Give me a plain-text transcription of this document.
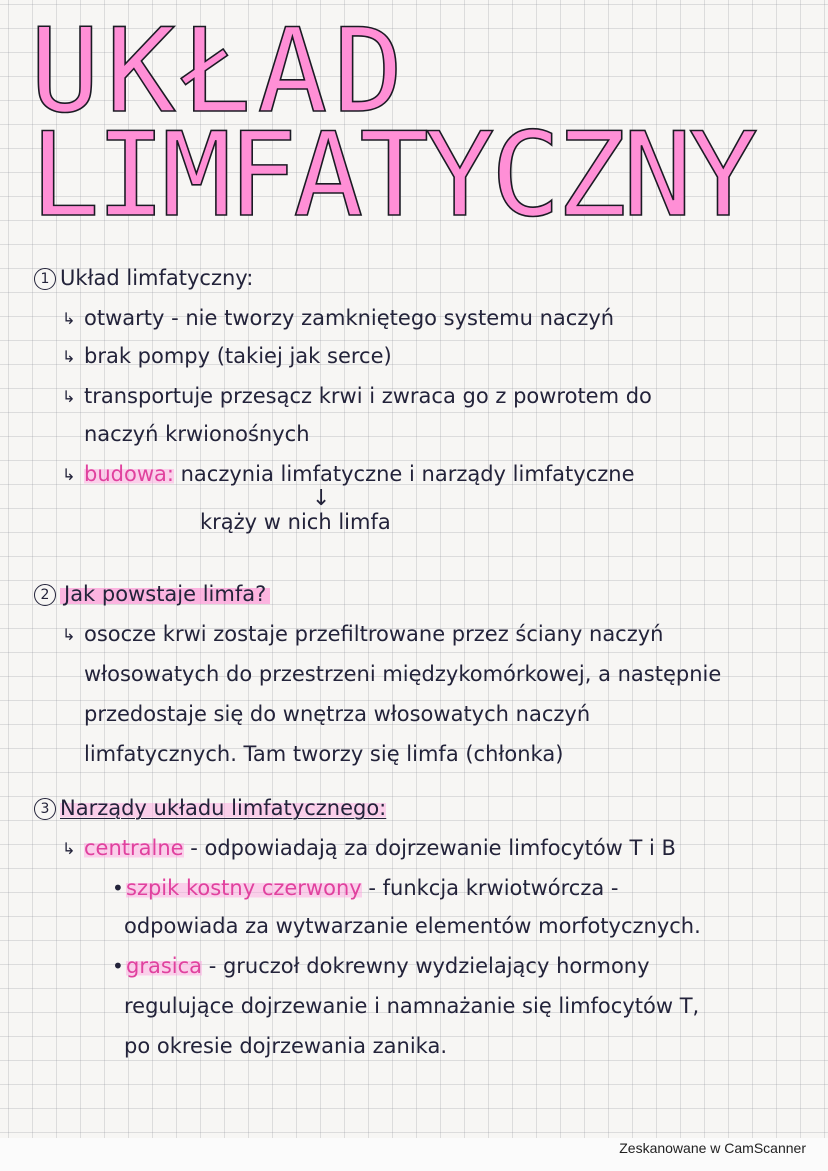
UKŁAD
LIMFATYCZNY
1 Układ limfatyczny:
↳ otwarty - nie tworzy zamkniętego systemu naczyń
↳ brak pompy (takiej jak serce)
↳ transportuje przesącz krwi i zwraca go z powrotem do
naczyń krwionośnych
↳ budowa: naczynia limfatyczne i narządy limfatyczne
↓
krąży w nich limfa
2 Jak powstaje limfa?
↳ osocze krwi zostaje przefiltrowane przez ściany naczyń
włosowatych do przestrzeni międzykomórkowej, a następnie
przedostaje się do wnętrza włosowatych naczyń
limfatycznych. Tam tworzy się limfa (chłonka)
3 Narządy układu limfatycznego:
↳ centralne - odpowiadają za dojrzewanie limfocytów T i B
• szpik kostny czerwony - funkcja krwiotwórcza -
odpowiada za wytwarzanie elementów morfotycznych.
• grasica - gruczoł dokrewny wydzielający hormony
regulujące dojrzewanie i namnażanie się limfocytów T,
po okresie dojrzewania zanika.
Zeskanowane w CamScanner
